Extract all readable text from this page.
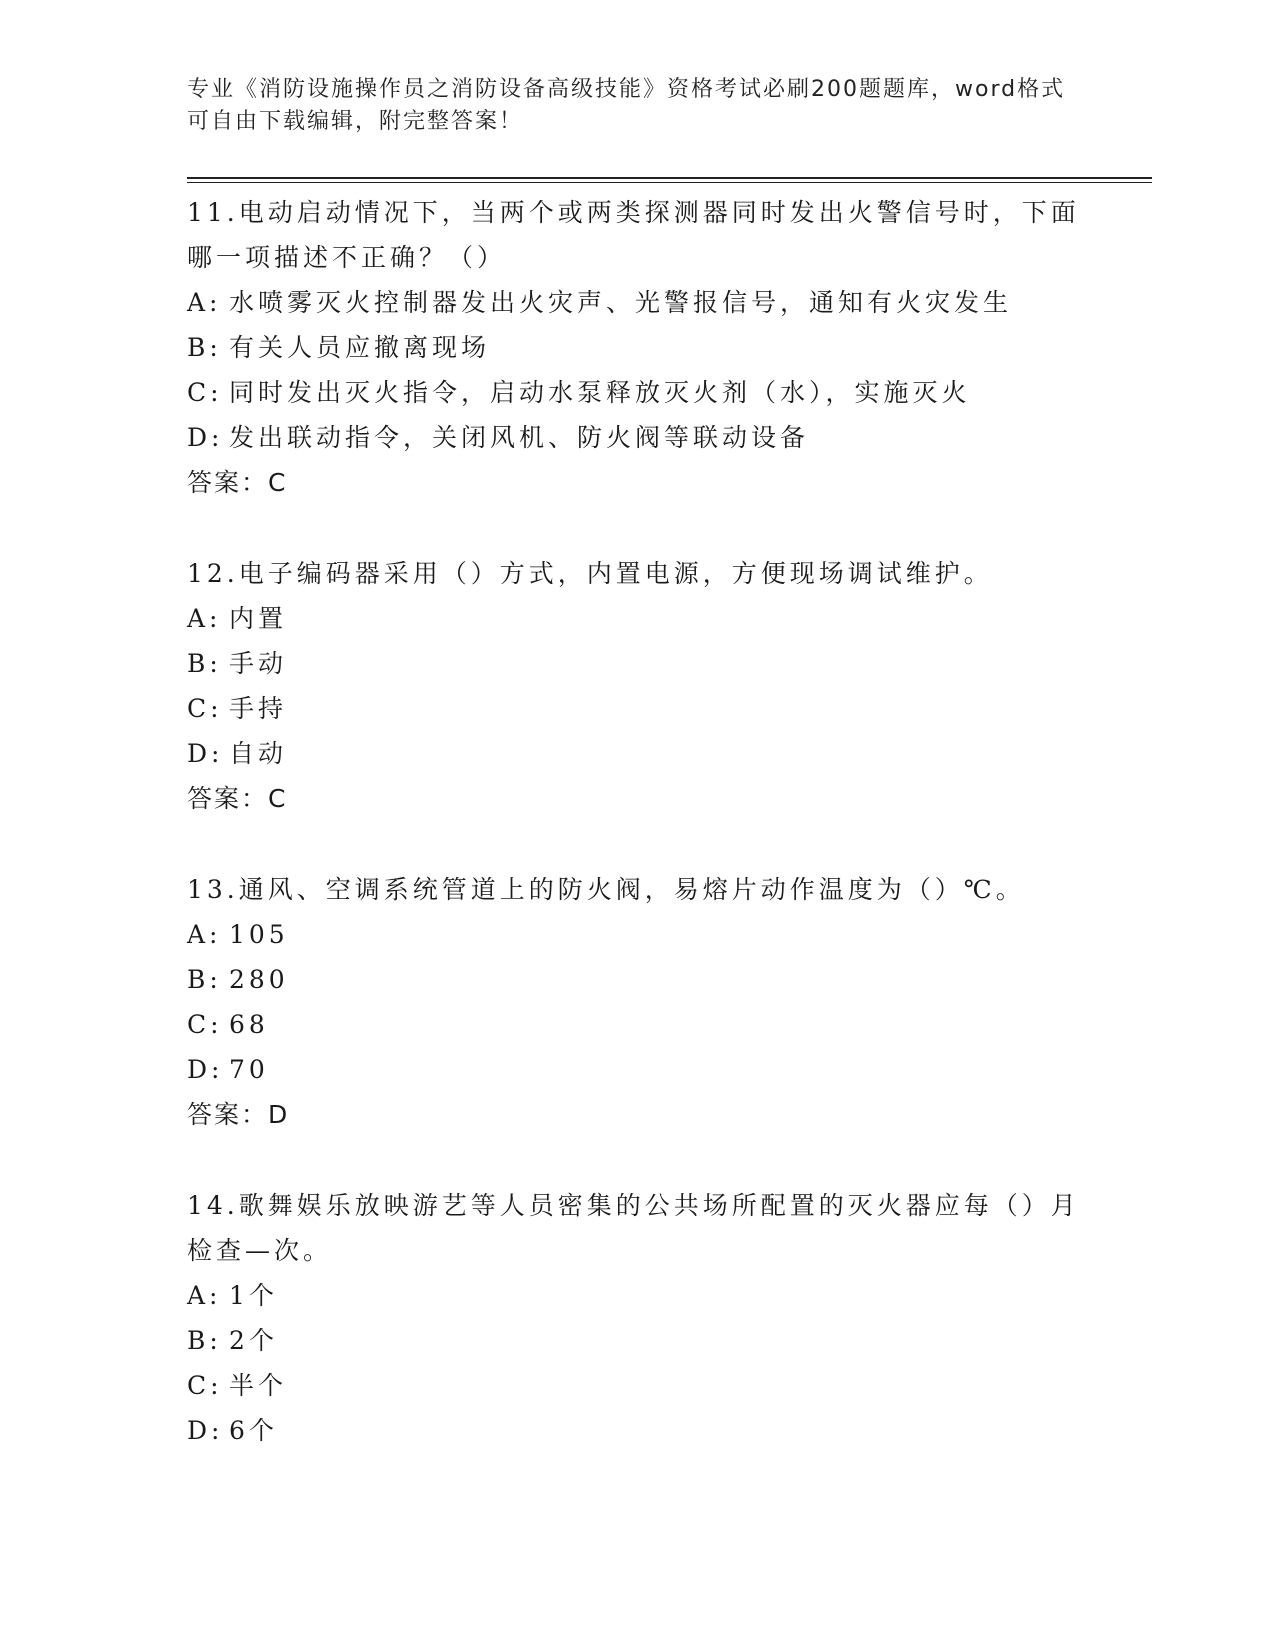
专业《消防设施操作员之消防设备高级技能》资格考试必刷200题题库，word格式可自由下载编辑，附完整答案！

11.电动启动情况下，当两个或两类探测器同时发出火警信号时，下面哪一项描述不正确？（）

A: 水喷雾灭火控制器发出火灾声、光警报信号，通知有火灾发生

B: 有关人员应撤离现场

C: 同时发出灭火指令，启动水泵释放灭火剂（水），实施灭火

D: 发出联动指令，关闭风机、防火阀等联动设备

答案：C

12.电子编码器采用（）方式，内置电源，方便现场调试维护。

A: 内置

B: 手动

C: 手持

D: 自动

答案：C

13.通风、空调系统管道上的防火阀，易熔片动作温度为（）℃。

A: 105

B: 280

C: 68

D: 70

答案：D

14.歌舞娱乐放映游艺等人员密集的公共场所配置的灭火器应每（）月检查—次。

A: 1个

B: 2个

C: 半个

D: 6个
